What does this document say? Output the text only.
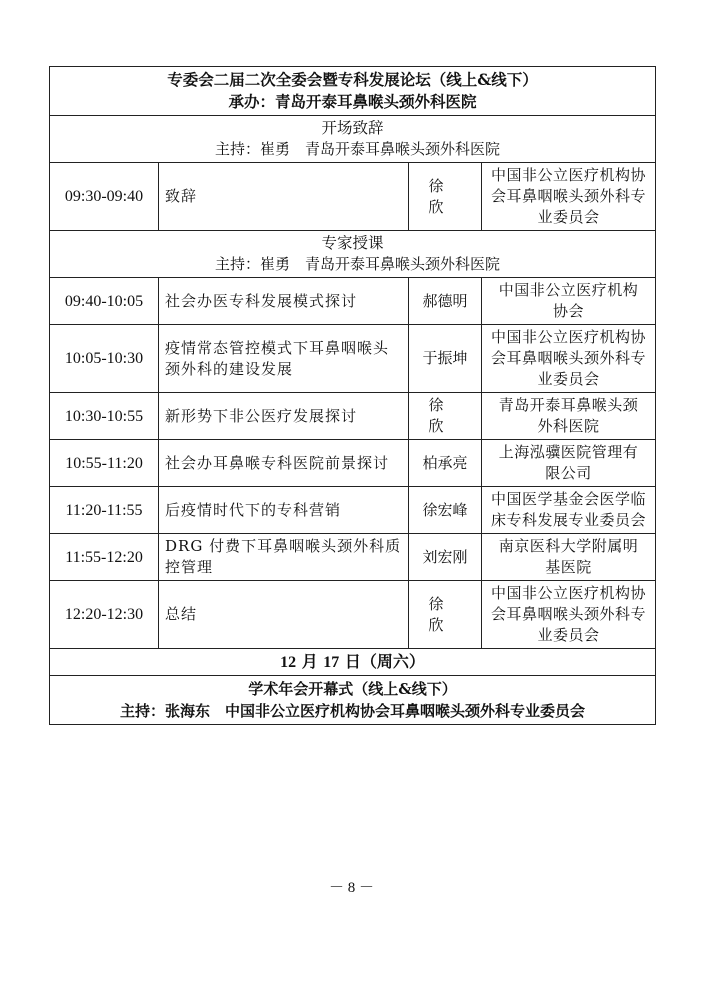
专委会二届二次全委会暨专科发展论坛（线上&线下）
承办：青岛开泰耳鼻喉头颈外科医院			

开场致辞
主持：崔勇　青岛开泰耳鼻喉头颈外科医院			

09:30-09:40	致辞	徐欣	中国非公立医疗机构协会耳鼻咽喉头颈外科专业委员会

专家授课
主持：崔勇　青岛开泰耳鼻喉头颈外科医院			

09:40-10:05	社会办医专科发展模式探讨	郝德明	中国非公立医疗机构协会
10:05-10:30	疫情常态管控模式下耳鼻咽喉头颈外科的建设发展	于振坤	中国非公立医疗机构协会耳鼻咽喉头颈外科专业委员会
10:30-10:55	新形势下非公医疗发展探讨	徐欣	青岛开泰耳鼻喉头颈外科医院
10:55-11:20	社会办耳鼻喉专科医院前景探讨	柏承亮	上海泓骥医院管理有限公司
11:20-11:55	后疫情时代下的专科营销	徐宏峰	中国医学基金会医学临床专科发展专业委员会
11:55-12:20	DRG 付费下耳鼻咽喉头颈外科质控管理	刘宏刚	南京医科大学附属明基医院
12:20-12:30	总结	徐欣	中国非公立医疗机构协会耳鼻咽喉头颈外科专业委员会
12 月 17 日（周六）			

学术年会开幕式（线上&线下）
主持：张海东　中国非公立医疗机构协会耳鼻咽喉头颈外科专业委员会			
－ 8 －
